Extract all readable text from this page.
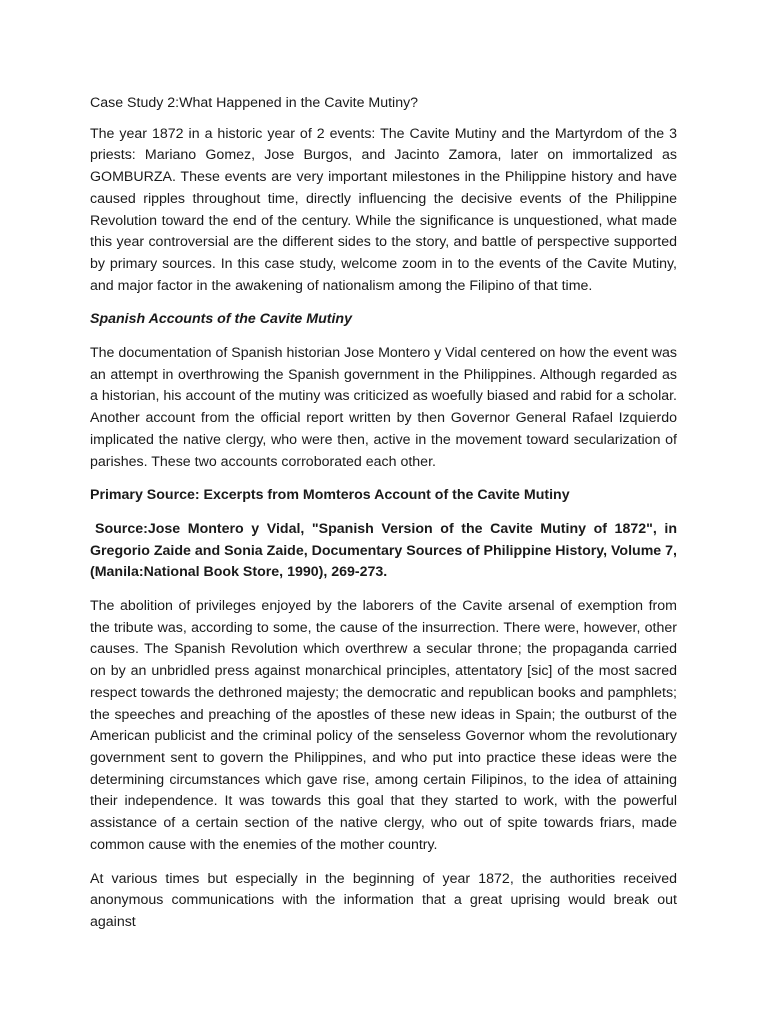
Case Study 2:What Happened in the Cavite Mutiny?

The year 1872 in a historic year of 2 events: The Cavite Mutiny and the Martyrdom of the 3 priests: Mariano Gomez, Jose Burgos, and Jacinto Zamora, later on immortalized as GOMBURZA. These events are very important milestones in the Philippine history and have caused ripples throughout time, directly influencing the decisive events of the Philippine Revolution toward the end of the century. While the significance is unquestioned, what made this year controversial are the different sides to the story, and battle of perspective supported by primary sources. In this case study, welcome zoom in to the events of the Cavite Mutiny, and major factor in the awakening of nationalism among the Filipino of that time.

Spanish Accounts of the Cavite Mutiny

The documentation of Spanish historian Jose Montero y Vidal centered on how the event was an attempt in overthrowing the Spanish government in the Philippines. Although regarded as a historian, his account of the mutiny was criticized as woefully biased and rabid for a scholar. Another account from the official report written by then Governor General Rafael Izquierdo implicated the native clergy, who were then, active in the movement toward secularization of parishes. These two accounts corroborated each other.

Primary Source: Excerpts from Momteros Account of the Cavite Mutiny

Source:Jose Montero y Vidal, "Spanish Version of the Cavite Mutiny of 1872", in Gregorio Zaide and Sonia Zaide, Documentary Sources of Philippine History, Volume 7, (Manila:National Book Store, 1990), 269-273.

The abolition of privileges enjoyed by the laborers of the Cavite arsenal of exemption from the tribute was, according to some, the cause of the insurrection. There were, however, other causes. The Spanish Revolution which overthrew a secular throne; the propaganda carried on by an unbridled press against monarchical principles, attentatory [sic] of the most sacred respect towards the dethroned majesty; the democratic and republican books and pamphlets; the speeches and preaching of the apostles of these new ideas in Spain; the outburst of the American publicist and the criminal policy of the senseless Governor whom the revolutionary government sent to govern the Philippines, and who put into practice these ideas were the determining circumstances which gave rise, among certain Filipinos, to the idea of attaining their independence. It was towards this goal that they started to work, with the powerful assistance of a certain section of the native clergy, who out of spite towards friars, made common cause with the enemies of the mother country.

At various times but especially in the beginning of year 1872, the authorities received anonymous communications with the information that a great uprising would break out against
